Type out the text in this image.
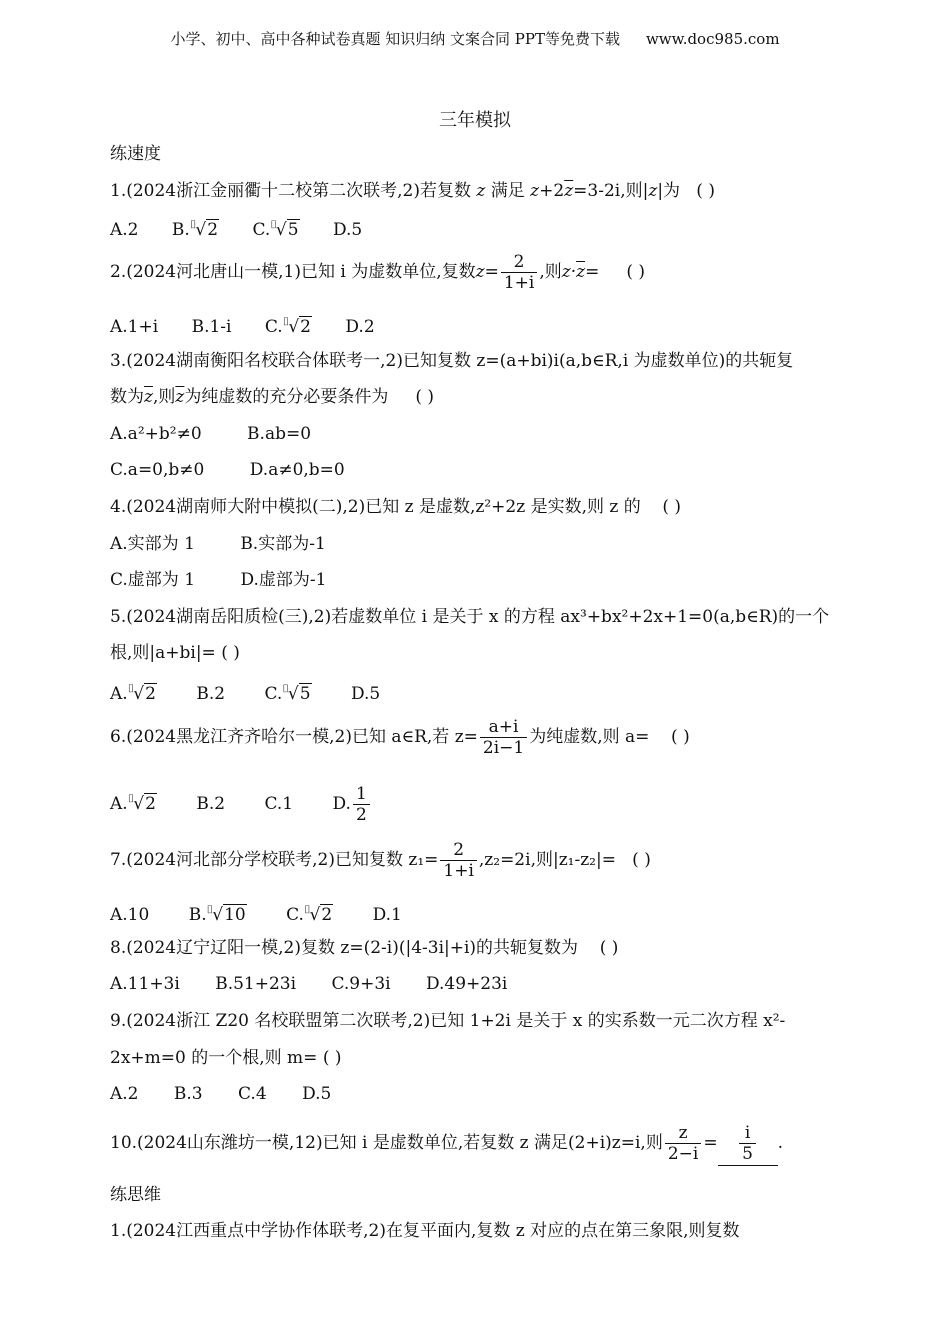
小学、初中、高中各种试卷真题 知识归纳 文案合同 PPT等免费下载 www.doc985.com
三年模拟
练速度
1.(2024浙江金丽衢十二校第二次联考,2)若复数 z 满足 $z+2\overline{z}=3-2i$,则|z|为 ( )
A.2 B.⌷√2 C.⌷√5 D.5
2.(2024河北唐山一模,1)已知 i 为虚数单位,复数$z= \frac{2}{1+i}$ ,则$z\cdot\overline{z}=$ ( )
A.1+i B.1-i C.⌷√2 D.2
3.(2024湖南衡阳名校联合体联考一,2)已知复数 z=(a+bi)i(a,b∈R,i 为虚数单位)的共轭复
数为$\overline{z}$,则$\overline{z}$为纯虚数的充分必要条件为 ( )
A.a²+b²≠0	B.ab=0
C.a=0,b≠0	D.a≠0,b=0
4.(2024湖南师大附中模拟(二),2)已知 z 是虚数,z²+2z 是实数,则 z 的 ( )
A.实部为 1	B.实部为-1
C.虚部为 1	D.虚部为-1
5.(2024湖南岳阳质检(三),2)若虚数单位 i 是关于 x 的方程 ax³+bx²+2x+1=0(a,b∈R)的一个
根,则|a+bi|= ( )
A.⌷√2 B.2 C.⌷√5 D.5
6.(2024黑龙江齐齐哈尔一模,2)已知 a∈R,若 $z= \frac{a+i}{2i-1}$ 为纯虚数,则 a= ( )
A.⌷√2 B.2 C.1 D. $\frac{1}{2}$
7.(2024河北部分学校联考,2)已知复数 $z_1= \frac{2}{1+i} ,z_2=2i$,则|z₁-z₂|= ( )
A.10 B.⌷√10 C.⌷√2 D.1
8.(2024辽宁辽阳一模,2)复数 z=(2-i)(|4-3i|+i)的共轭复数为 ( )
A.11+3i B.51+23i C.9+3i D.49+23i
9.(2024浙江 Z20 名校联盟第二次联考,2)已知 1+2i 是关于 x 的实系数一元二次方程 x²-
2x+m=0 的一个根,则 m= ( )
A.2 B.3 C.4 D.5
10.(2024山东潍坊一模,12)已知 i 是虚数单位,若复数 z 满足(2+i)z=i,则 $\frac{z}{2-i} = \frac{i}{5}$ .
练思维
1.(2024江西重点中学协作体联考,2)在复平面内,复数 z 对应的点在第三象限,则复数
